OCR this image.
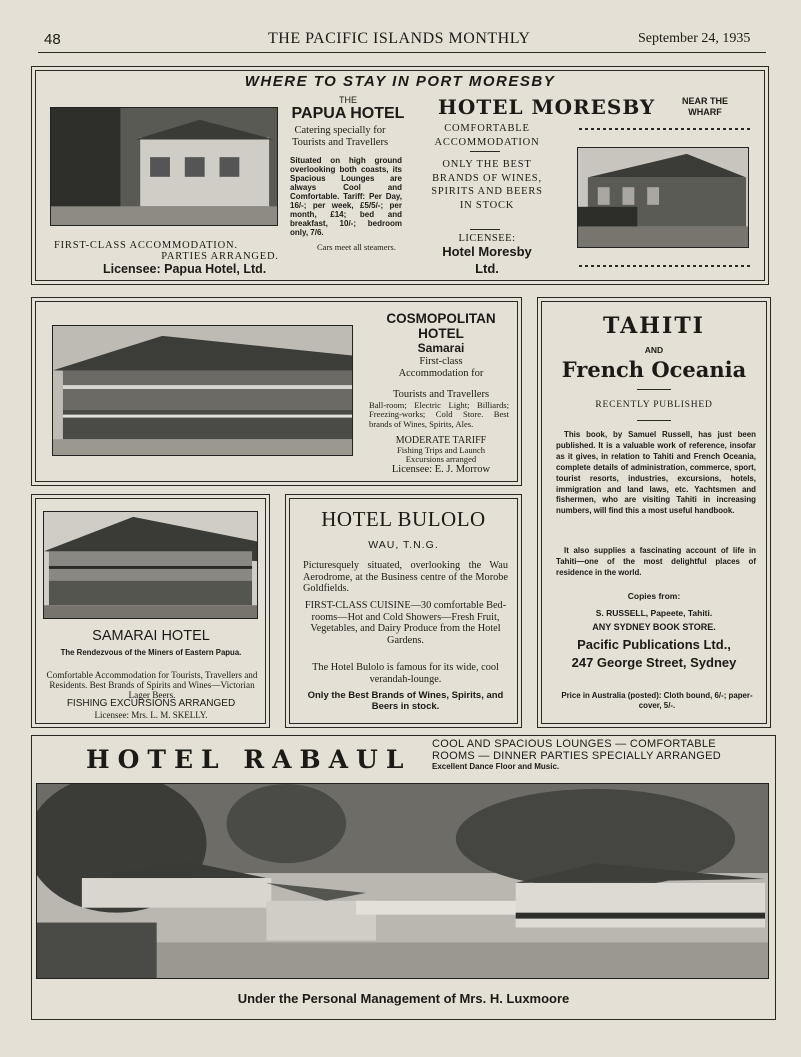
48	THE PACIFIC ISLANDS MONTHLY	September 24, 1935
WHERE TO STAY IN PORT MORESBY
THE
PAPUA HOTEL
Catering specially for Tourists and Travellers
Situated on high ground overlooking both coasts, its Spacious Lounges are always Cool and Comfortable. Tariff: Per Day, 16/-; per week, £5/5/-; per month, £14; bed and breakfast, 10/-; bedroom only, 7/6.
FIRST-CLASS ACCOMMODATION.	Cars meet all steamers.
PARTIES ARRANGED.
Licensee: Papua Hotel, Ltd.
HOTEL MORESBY	NEAR THE WHARF
COMFORTABLE ACCOMMODATION
ONLY THE BEST BRANDS OF WINES, SPIRITS AND BEERS IN STOCK
LICENSEE:
Hotel Moresby Ltd.
COSMOPOLITAN HOTEL
Samarai
First-class Accommodation for
Tourists and Travellers
Ball-room; Electric Light; Billiards; Freezing-works; Cold Store. Best brands of Wines, Spirits, Ales.
MODERATE TARIFF
Fishing Trips and Launch Excursions arranged
Licensee: E. J. Morrow
TAHITI
AND
French Oceania
RECENTLY PUBLISHED
This book, by Samuel Russell, has just been published. It is a valuable work of reference, insofar as it gives, in relation to Tahiti and French Oceania, complete details of administration, commerce, sport, tourist resorts, industries, excursions, hotels, immigration and land laws, etc. Yachtsmen and fishermen, who are visiting Tahiti in increasing numbers, will find this a most useful handbook.
It also supplies a fascinating account of life in Tahiti—one of the most delightful places of residence in the world.
Copies from:
S. RUSSELL, Papeete, Tahiti.
ANY SYDNEY BOOK STORE.
Pacific Publications Ltd.,
247 George Street, Sydney
Price in Australia (posted): Cloth bound, 6/-; paper-cover, 5/-.
SAMARAI HOTEL
The Rendezvous of the Miners of Eastern Papua.
Comfortable Accommodation for Tourists, Travellers and Residents. Best Brands of Spirits and Wines—Victorian Lager Beers.
FISHING EXCURSIONS ARRANGED
Licensee: Mrs. L. M. SKELLY.
HOTEL BULOLO
WAU, T.N.G.
Picturesquely situated, overlooking the Wau Aerodrome, at the Business centre of the Morobe Goldfields.
FIRST-CLASS CUISINE—30 comfortable Bed-rooms—Hot and Cold Showers—Fresh Fruit, Vegetables, and Dairy Produce from the Hotel Gardens.
The Hotel Bulolo is famous for its wide, cool verandah-lounge.
Only the Best Brands of Wines, Spirits, and Beers in stock.
HOTEL RABAUL
COOL AND SPACIOUS LOUNGES — COMFORTABLE
ROOMS — DINNER PARTIES SPECIALLY ARRANGED
Excellent Dance Floor and Music.
Under the Personal Management of Mrs. H. Luxmoore
